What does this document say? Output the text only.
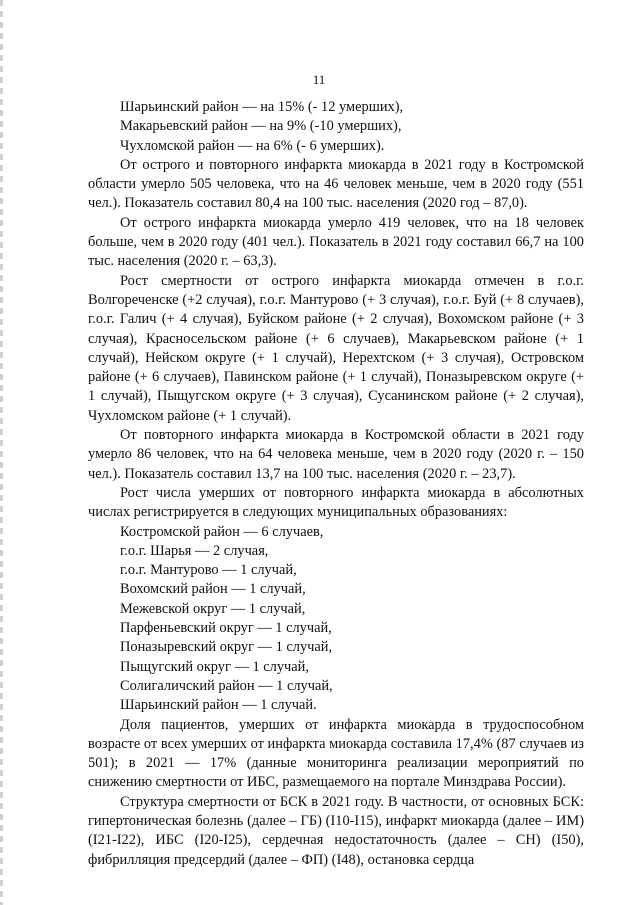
11

Шарьинский район — на 15% (- 12 умерших),

Макарьевский район — на 9% (-10 умерших),

Чухломской район — на 6% (- 6 умерших).

От острого и повторного инфаркта миокарда в 2021 году в Костромской области умерло 505 человека, что на 46 человек меньше, чем в 2020 году (551 чел.). Показатель составил 80,4 на 100 тыс. населения (2020 год – 87,0).

От острого инфаркта миокарда умерло 419 человек, что на 18 человек больше, чем в 2020 году (401 чел.). Показатель в 2021 году составил 66,7 на 100 тыс. населения (2020 г. – 63,3).

Рост смертности от острого инфаркта миокарда отмечен в г.о.г. Волгореченске (+2 случая), г.о.г. Мантурово (+ 3 случая), г.о.г. Буй (+ 8 случаев), г.о.г. Галич (+ 4 случая), Буйском районе (+ 2 случая), Вохомском районе (+ 3 случая), Красносельском районе (+ 6 случаев), Макарьевском районе (+ 1 случай), Нейском округе (+ 1 случай), Нерехтском (+ 3 случая), Островском районе (+ 6 случаев), Павинском районе (+ 1 случай), Поназыревском округе (+ 1 случай), Пыщугском округе (+ 3 случая), Сусанинском районе (+ 2 случая), Чухломском районе (+ 1 случай).

От повторного инфаркта миокарда в Костромской области в 2021 году умерло 86 человек, что на 64 человека меньше, чем в 2020 году (2020 г. – 150 чел.). Показатель составил 13,7 на 100 тыс. населения (2020 г. – 23,7).

Рост числа умерших от повторного инфаркта миокарда в абсолютных числах регистрируется в следующих муниципальных образованиях:

Костромской район — 6 случаев,

г.о.г. Шарья — 2 случая,

г.о.г. Мантурово — 1 случай,

Вохомский район — 1 случай,

Межевской округ — 1 случай,

Парфеньевский округ — 1 случай,

Поназыревский округ — 1 случай,

Пыщугский округ — 1 случай,

Солигаличский район — 1 случай,

Шарьинский район — 1 случай.

Доля пациентов, умерших от инфаркта миокарда в трудоспособном возрасте от всех умерших от инфаркта миокарда составила 17,4% (87 случаев из 501); в 2021 — 17% (данные мониторинга реализации мероприятий по снижению смертности от ИБС, размещаемого на портале Минздрава России).

Структура смертности от БСК в 2021 году. В частности, от основных БСК: гипертоническая болезнь (далее – ГБ) (I10-I15), инфаркт миокарда (далее – ИМ) (I21-I22), ИБС (I20-I25), сердечная недостаточность (далее – СН) (I50), фибрилляция предсердий (далее – ФП) (I48), остановка сердца
